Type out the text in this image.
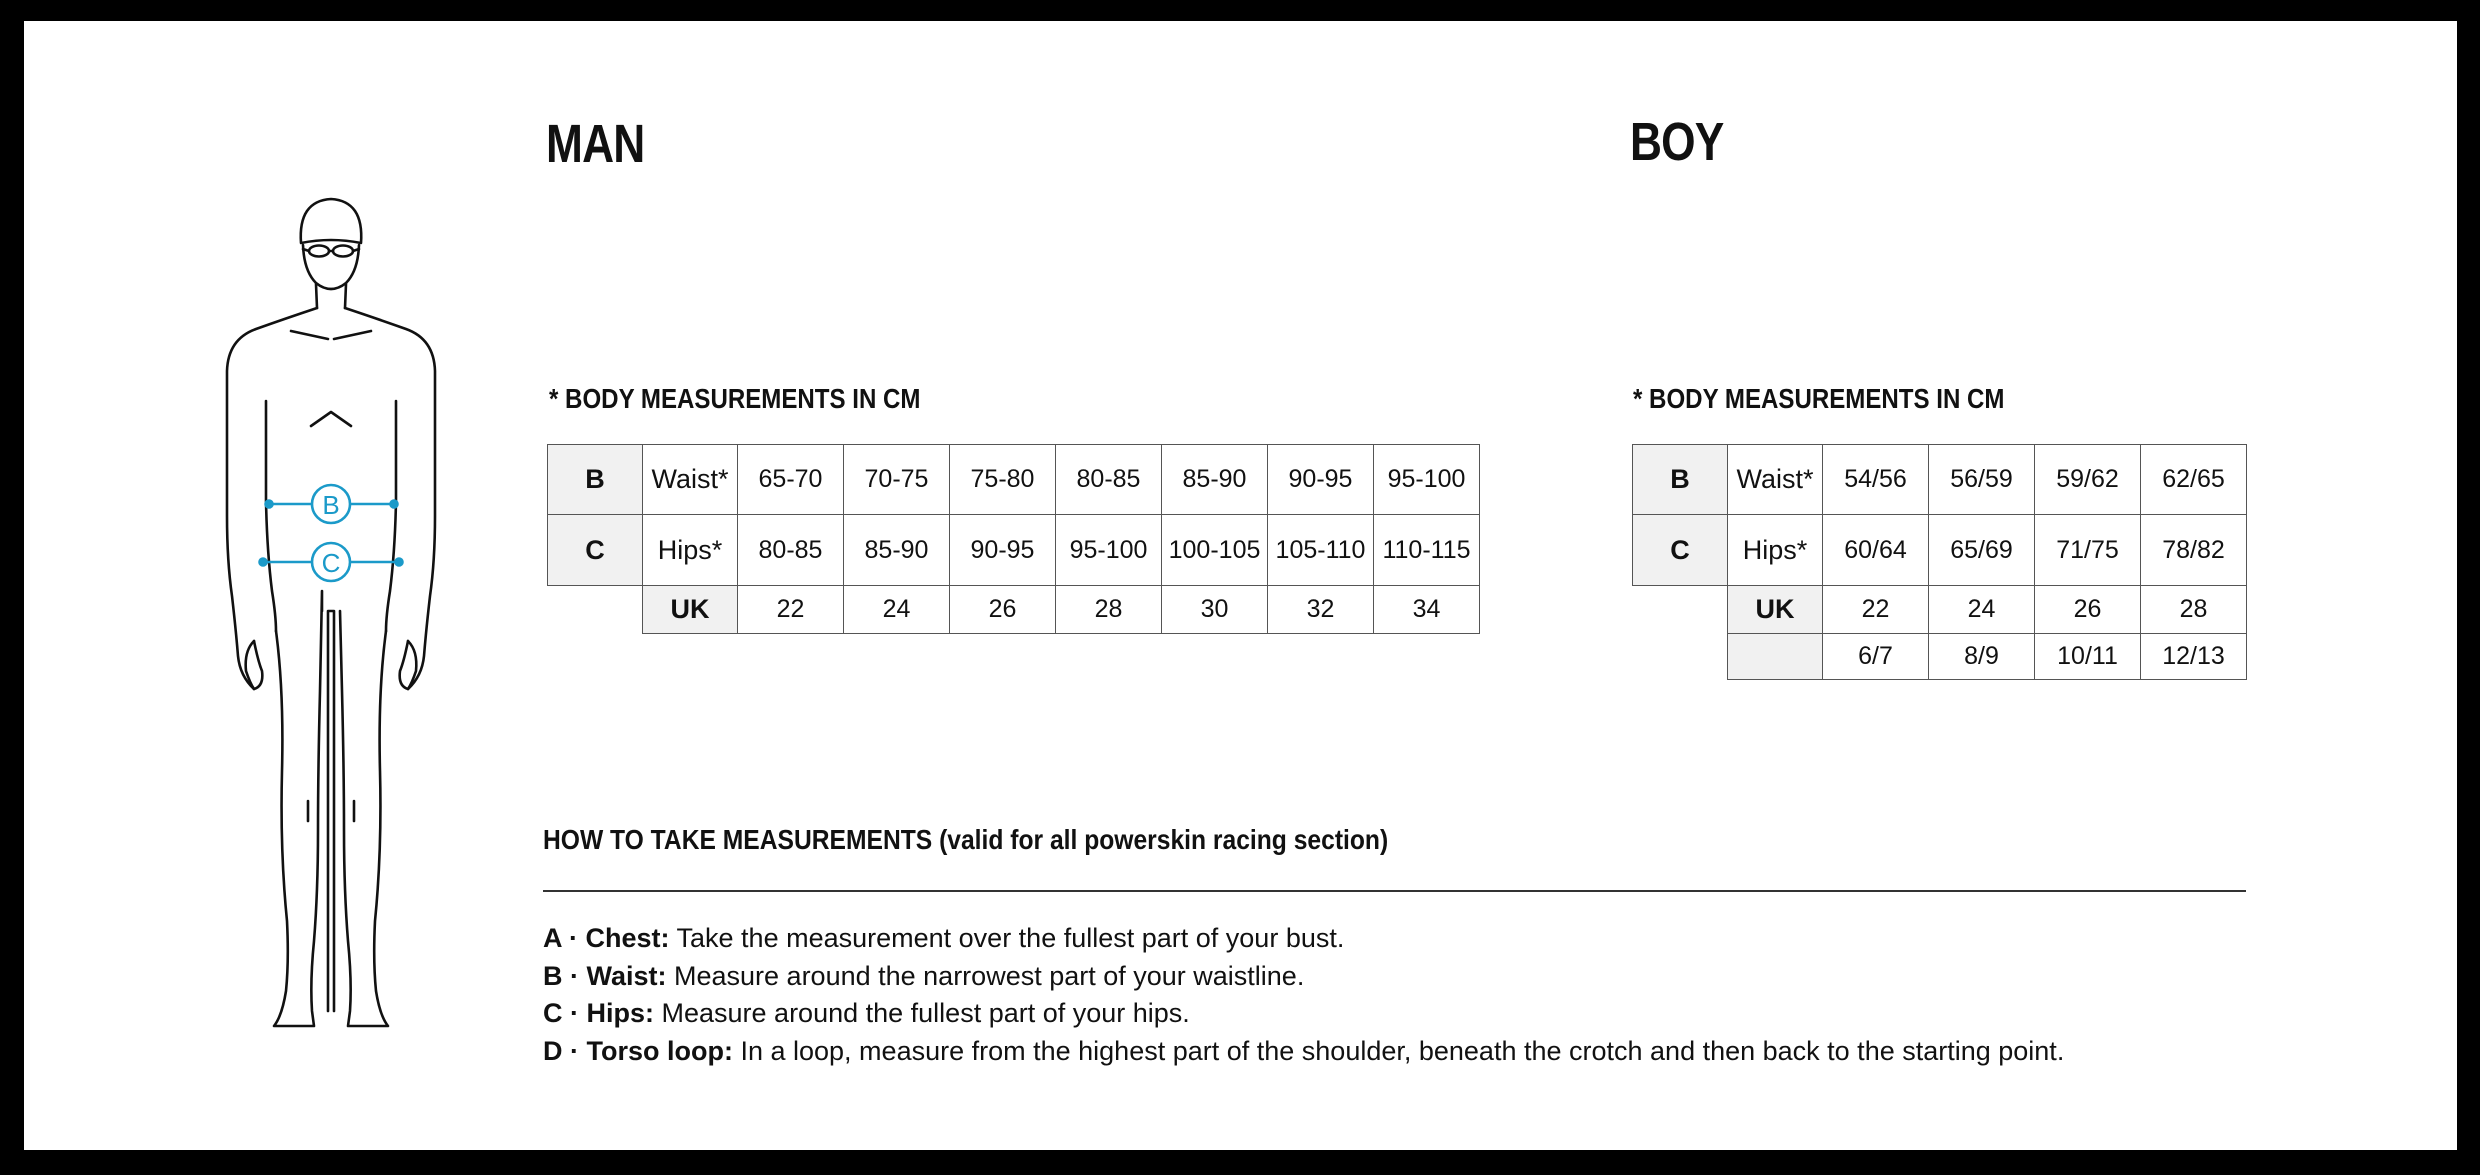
B
C
MAN
* BODY MEASUREMENTS IN CM
B	Waist*	65-70	70-75	75-80	80-85	85-90	90-95	95-100
C	Hips*	80-85	85-90	90-95	95-100	100-105	105-110	110-115
	UK	22	24	26	28	30	32	34
BOY
* BODY MEASUREMENTS IN CM
B	Waist*	54/56	56/59	59/62	62/65
C	Hips*	60/64	65/69	71/75	78/82
	UK	22	24	26	28
		6/7	8/9	10/11	12/13
HOW TO TAKE MEASUREMENTS (valid for all powerskin racing section)
A · Chest: Take the measurement over the fullest part of your bust.
B · Waist: Measure around the narrowest part of your waistline.
C · Hips: Measure around the fullest part of your hips.
D · Torso loop: In a loop, measure from the highest part of the shoulder, beneath the crotch and then back to the starting point.
